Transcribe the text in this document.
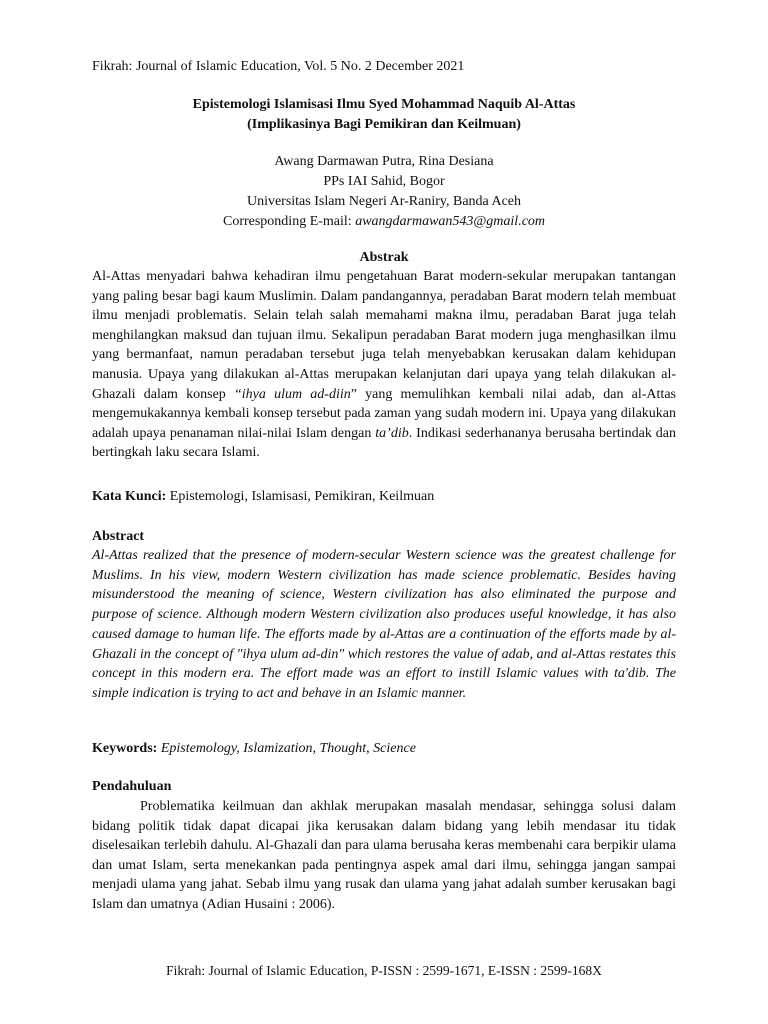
Fikrah: Journal of Islamic Education, Vol. 5 No. 2 December 2021
Epistemologi Islamisasi Ilmu Syed Mohammad Naquib Al-Attas
(Implikasinya Bagi Pemikiran dan Keilmuan)
Awang Darmawan Putra, Rina Desiana
PPs IAI Sahid, Bogor
Universitas Islam Negeri Ar-Raniry, Banda Aceh
Corresponding E-mail: awangdarmawan543@gmail.com
Abstrak
Al-Attas menyadari bahwa kehadiran ilmu pengetahuan Barat modern-sekular merupakan tantangan yang paling besar bagi kaum Muslimin. Dalam pandangannya, peradaban Barat modern telah membuat ilmu menjadi problematis. Selain telah salah memahami makna ilmu, peradaban Barat juga telah menghilangkan maksud dan tujuan ilmu. Sekalipun peradaban Barat modern juga menghasilkan ilmu yang bermanfaat, namun peradaban tersebut juga telah menyebabkan kerusakan dalam kehidupan manusia. Upaya yang dilakukan al-Attas merupakan kelanjutan dari upaya yang telah dilakukan al-Ghazali dalam konsep “ihya ulum ad-diin” yang memulihkan kembali nilai adab, dan al-Attas mengemukakannya kembali konsep tersebut pada zaman yang sudah modern ini. Upaya yang dilakukan adalah upaya penanaman nilai-nilai Islam dengan ta’dib. Indikasi sederhananya berusaha bertindak dan bertingkah laku secara Islami.
Kata Kunci: Epistemologi, Islamisasi, Pemikiran, Keilmuan
Abstract
Al-Attas realized that the presence of modern-secular Western science was the greatest challenge for Muslims. In his view, modern Western civilization has made science problematic. Besides having misunderstood the meaning of science, Western civilization has also eliminated the purpose and purpose of science. Although modern Western civilization also produces useful knowledge, it has also caused damage to human life. The efforts made by al-Attas are a continuation of the efforts made by al-Ghazali in the concept of "ihya ulum ad-din" which restores the value of adab, and al-Attas restates this concept in this modern era. The effort made was an effort to instill Islamic values with ta'dib. The simple indication is trying to act and behave in an Islamic manner.
Keywords: Epistemology, Islamization, Thought, Science
Pendahuluan
Problematika keilmuan dan akhlak merupakan masalah mendasar, sehingga solusi dalam bidang politik tidak dapat dicapai jika kerusakan dalam bidang yang lebih mendasar itu tidak diselesaikan terlebih dahulu. Al-Ghazali dan para ulama berusaha keras membenahi cara berpikir ulama dan umat Islam, serta menekankan pada pentingnya aspek amal dari ilmu, sehingga jangan sampai menjadi ulama yang jahat. Sebab ilmu yang rusak dan ulama yang jahat adalah sumber kerusakan bagi Islam dan umatnya (Adian Husaini : 2006).
Fikrah: Journal of Islamic Education, P-ISSN : 2599-1671, E-ISSN : 2599-168X
